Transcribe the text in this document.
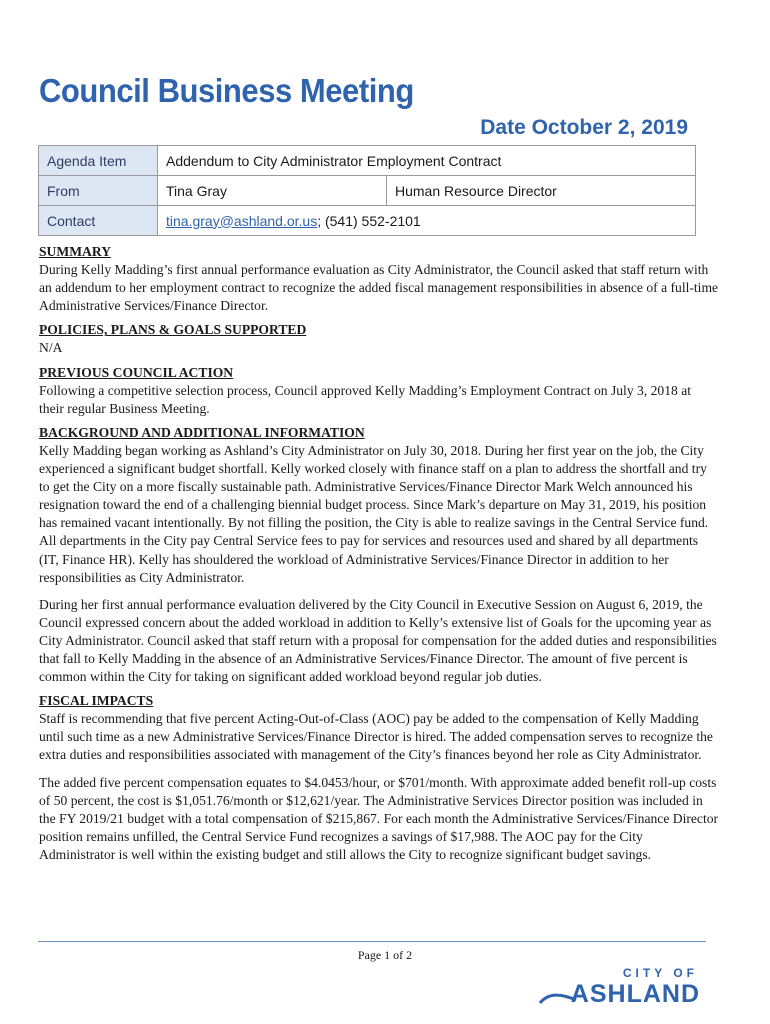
Council Business Meeting
Date October 2, 2019
Agenda Item	Addendum to City Administrator Employment Contract	
From	Tina Gray	Human Resource Director
Contact	tina.gray@ashland.or.us; (541) 552-2101	
SUMMARY

During Kelly Madding’s first annual performance evaluation as City Administrator, the Council asked that staff return with an addendum to her employment contract to recognize the added fiscal management responsibilities in absence of a full-time Administrative Services/Finance Director.

POLICIES, PLANS & GOALS SUPPORTED

N/A

PREVIOUS COUNCIL ACTION

Following a competitive selection process, Council approved Kelly Madding’s Employment Contract on July 3, 2018 at their regular Business Meeting.

BACKGROUND AND ADDITIONAL INFORMATION

Kelly Madding began working as Ashland’s City Administrator on July 30, 2018. During her first year on the job, the City experienced a significant budget shortfall. Kelly worked closely with finance staff on a plan to address the shortfall and try to get the City on a more fiscally sustainable path. Administrative Services/Finance Director Mark Welch announced his resignation toward the end of a challenging biennial budget process. Since Mark’s departure on May 31, 2019, his position has remained vacant intentionally. By not filling the position, the City is able to realize savings in the Central Service fund. All departments in the City pay Central Service fees to pay for services and resources used and shared by all departments (IT, Finance HR). Kelly has shouldered the workload of Administrative Services/Finance Director in addition to her responsibilities as City Administrator.

During her first annual performance evaluation delivered by the City Council in Executive Session on August 6, 2019, the Council expressed concern about the added workload in addition to Kelly’s extensive list of Goals for the upcoming year as City Administrator. Council asked that staff return with a proposal for compensation for the added duties and responsibilities that fall to Kelly Madding in the absence of an Administrative Services/Finance Director. The amount of five percent is common within the City for taking on significant added workload beyond regular job duties.

FISCAL IMPACTS

Staff is recommending that five percent Acting-Out-of-Class (AOC) pay be added to the compensation of Kelly Madding until such time as a new Administrative Services/Finance Director is hired. The added compensation serves to recognize the extra duties and responsibilities associated with management of the City’s finances beyond her role as City Administrator.

The added five percent compensation equates to $4.0453/hour, or $701/month. With approximate added benefit roll-up costs of 50 percent, the cost is $1,051.76/month or $12,621/year. The Administrative Services Director position was included in the FY 2019/21 budget with a total compensation of $215,867. For each month the Administrative Services/Finance Director position remains unfilled, the Central Service Fund recognizes a savings of $17,988. The AOC pay for the City Administrator is well within the existing budget and still allows the City to recognize significant budget savings.

Page 1 of 2
CITY OF
ASHLAND
